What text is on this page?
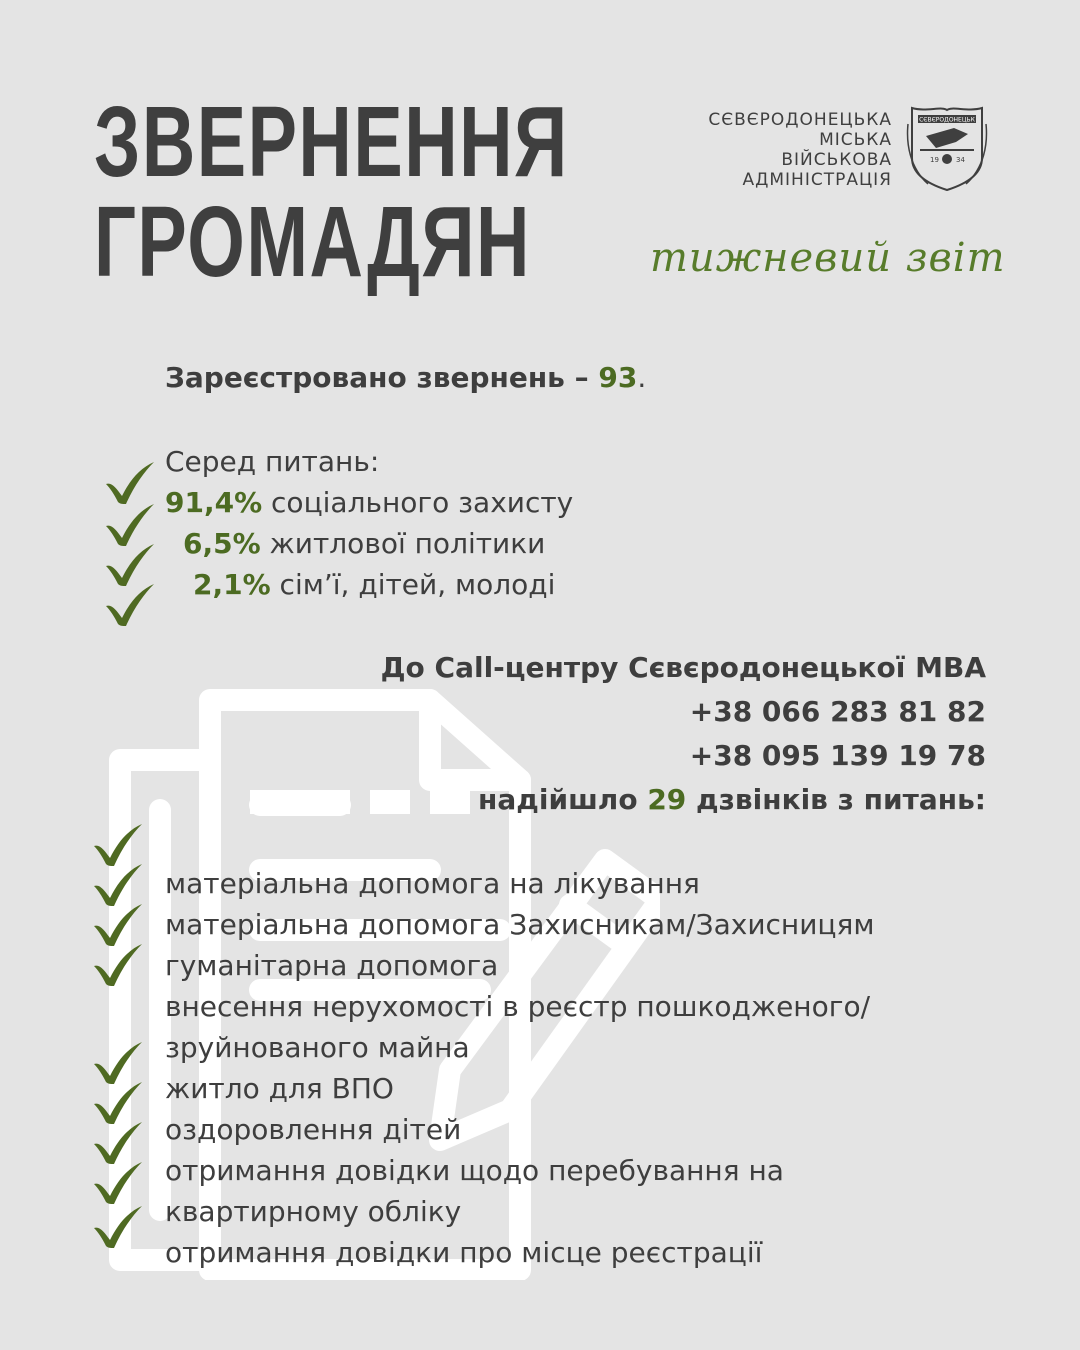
ЗВЕРНЕННЯ
ГРОМАДЯН
СЄВЄРОДОНЕЦЬКА
МІСЬКА
ВІЙСЬКОВА
АДМІНІСТРАЦІЯ
СЄВЄРОДОНЕЦЬК
19 34
тижневий звіт
Зареєстровано звернень – 93.
Серед питань:
91,4% соціального захисту
6,5% житлової політики
2,1% сім’ї, дітей, молоді
До Call-центру Сєвєродонецької МВА
+38 066 283 81 82
+38 095 139 19 78
надійшло 29 дзвінків з питань:
матеріальна допомога на лікування
матеріальна допомога Захисникам/Захисницям
гуманітарна допомога
внесення нерухомості в реєстр пошкодженого/
зруйнованого майна
житло для ВПО
оздоровлення дітей
отримання довідки щодо перебування на
квартирному обліку
отримання довідки про місце реєстрації
